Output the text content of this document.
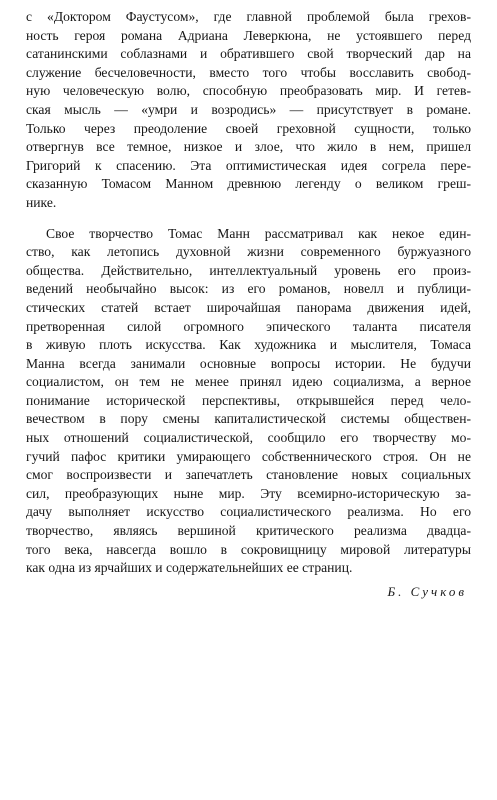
с «Доктором Фаустусом», где главной проблемой была грехов-
ность героя романа Адриана Леверкюна, не устоявшего перед
сатанинскими соблазнами и обратившего свой творческий дар на
служение бесчеловечности, вместо того чтобы восславить свобод-
ную человеческую волю, способную преобразовать мир. И гетев-
ская мысль — «умри и возродись» — присутствует в романе.
Только через преодоление своей греховной сущности, только
отвергнув все темное, низкое и злое, что жило в нем, пришел
Григорий к спасению. Эта оптимистическая идея согрела пере-
сказанную Томасом Манном древнюю легенду о великом греш-
нике.
Свое творчество Томас Манн рассматривал как некое един-
ство, как летопись духовной жизни современного буржуазного
общества. Действительно, интеллектуальный уровень его произ-
ведений необычайно высок: из его романов, новелл и публици-
стических статей встает широчайшая панорама движения идей,
претворенная силой огромного эпического таланта писателя
в живую плоть искусства. Как художника и мыслителя, Томаса
Манна всегда занимали основные вопросы истории. Не будучи
социалистом, он тем не менее принял идею социализма, а верное
понимание исторической перспективы, открывшейся перед чело-
вечеством в пору смены капиталистической системы обществен-
ных отношений социалистической, сообщило его творчеству мо-
гучий пафос критики умирающего собственнического строя. Он не
смог воспроизвести и запечатлеть становление новых социальных
сил, преобразующих ныне мир. Эту всемирно-историческую за-
дачу выполняет искусство социалистического реализма. Но его
творчество, являясь вершиной критического реализма двадца-
того века, навсегда вошло в сокровищницу мировой литературы
как одна из ярчайших и содержательнейших ее страниц.
Б. Сучков
